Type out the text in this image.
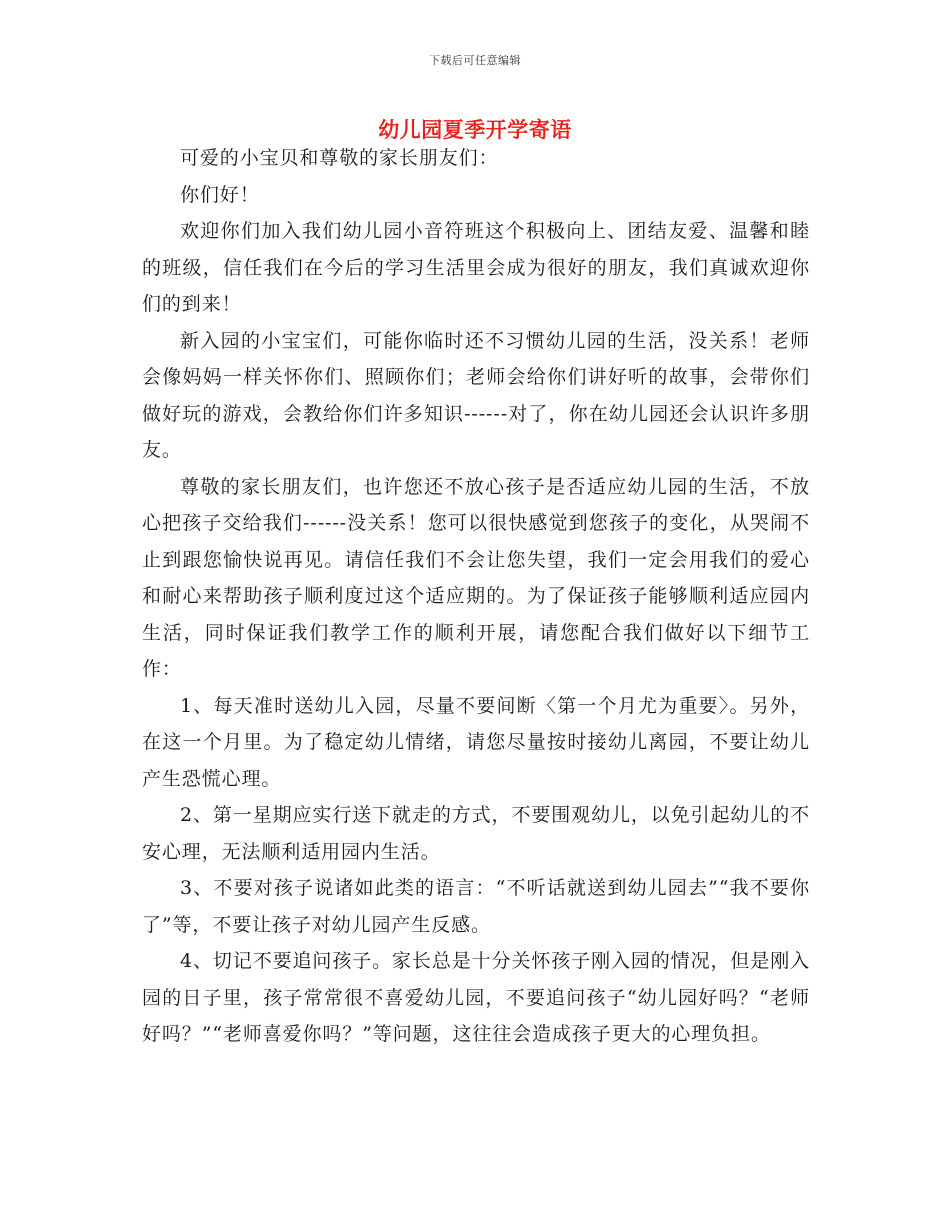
下载后可任意编辑
幼儿园夏季开学寄语

可爱的小宝贝和尊敬的家长朋友们：

你们好！

欢迎你们加入我们幼儿园小音符班这个积极向上、团结友爱、温馨和睦的班级，信任我们在今后的学习生活里会成为很好的朋友，我们真诚欢迎你们的到来！

新入园的小宝宝们，可能你临时还不习惯幼儿园的生活，没关系！老师会像妈妈一样关怀你们、照顾你们；老师会给你们讲好听的故事，会带你们做好玩的游戏，会教给你们许多知识------对了，你在幼儿园还会认识许多朋友。

尊敬的家长朋友们，也许您还不放心孩子是否适应幼儿园的生活，不放心把孩子交给我们------没关系！您可以很快感觉到您孩子的变化，从哭闹不止到跟您愉快说再见。请信任我们不会让您失望，我们一定会用我们的爱心和耐心来帮助孩子顺利度过这个适应期的。为了保证孩子能够顺利适应园内生活，同时保证我们教学工作的顺利开展，请您配合我们做好以下细节工作：

1、每天准时送幼儿入园，尽量不要间断〈第一个月尤为重要〉。另外，在这一个月里。为了稳定幼儿情绪，请您尽量按时接幼儿离园，不要让幼儿产生恐慌心理。

2、第一星期应实行送下就走的方式，不要围观幼儿，以免引起幼儿的不安心理，无法顺利适用园内生活。

3、不要对孩子说诸如此类的语言：“不听话就送到幼儿园去”“我不要你了”等，不要让孩子对幼儿园产生反感。

4、切记不要追问孩子。家长总是十分关怀孩子刚入园的情况，但是刚入园的日子里，孩子常常很不喜爱幼儿园，不要追问孩子“幼儿园好吗？“老师好吗？”“老师喜爱你吗？”等问题，这往往会造成孩子更大的心理负担。
